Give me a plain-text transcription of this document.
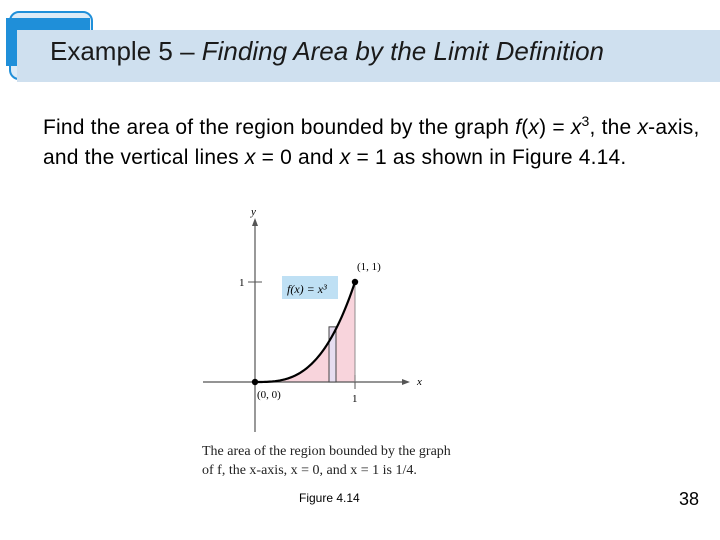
Example 5 – Finding Area by the Limit Definition
Find the area of the region bounded by the graph $f(x) = x^3$, the x-axis, and the vertical lines x = 0 and x = 1 as shown in Figure 4.14.
f(x) = x³
y
x
1
1
(1, 1)
(0, 0)
The area of the region bounded by the graph
of f, the x-axis, x = 0, and x = 1 is 1/4.
Figure 4.14	38
